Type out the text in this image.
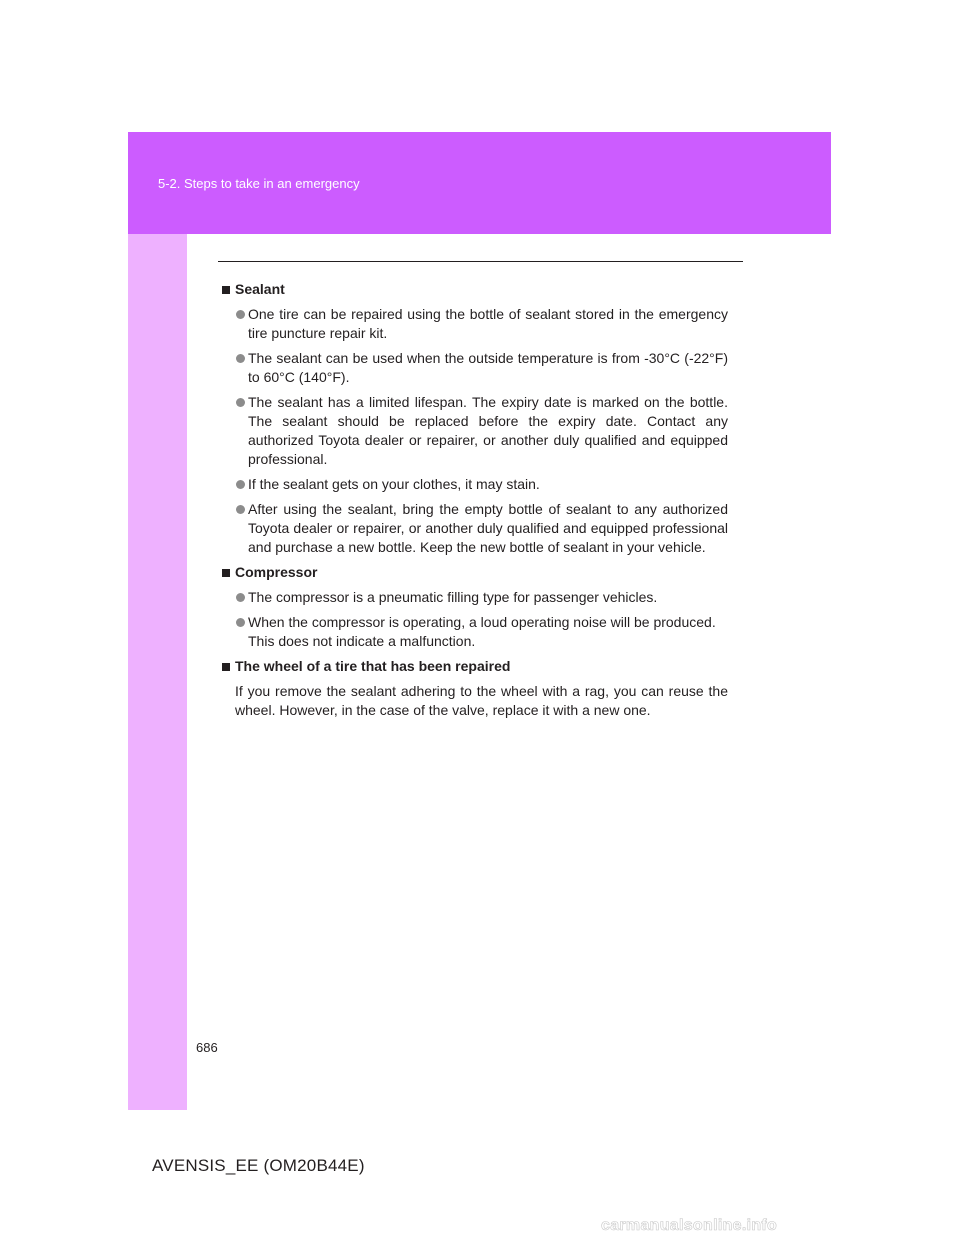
5-2. Steps to take in an emergency
Sealant

One tire can be repaired using the bottle of sealant stored in the emergency tire puncture repair kit.

The sealant can be used when the outside temperature is from -30°C (-22°F) to 60°C (140°F).

The sealant has a limited lifespan. The expiry date is marked on the bottle. The sealant should be replaced before the expiry date. Contact any authorized Toyota dealer or repairer, or another duly qualified and equipped professional.

If the sealant gets on your clothes, it may stain.

After using the sealant, bring the empty bottle of sealant to any authorized Toyota dealer or repairer, or another duly qualified and equipped professional and purchase a new bottle. Keep the new bottle of sealant in your vehicle.

Compressor

The compressor is a pneumatic filling type for passenger vehicles.

When the compressor is operating, a loud operating noise will be produced.

This does not indicate a malfunction.

The wheel of a tire that has been repaired

If you remove the sealant adhering to the wheel with a rag, you can reuse the wheel. However, in the case of the valve, replace it with a new one.

686
AVENSIS_EE (OM20B44E)
carmanualsonline.info
